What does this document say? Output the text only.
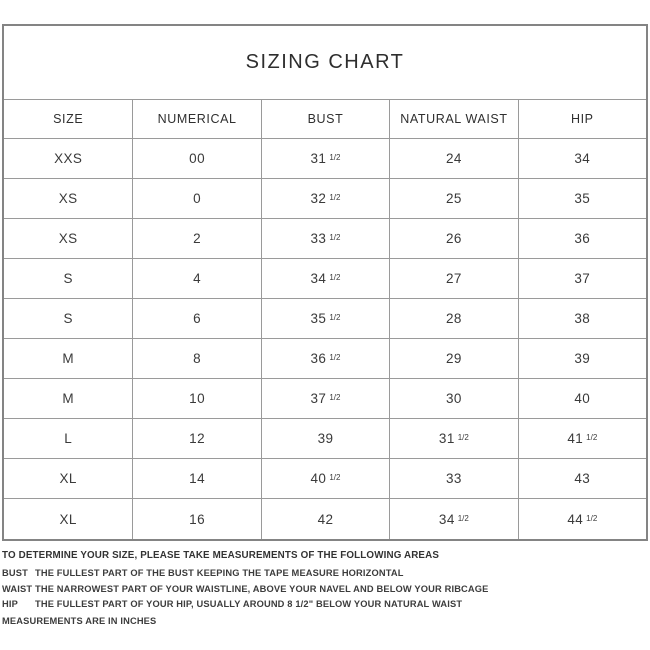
SIZING CHART
SIZE	NUMERICAL	BUST	NATURAL WAIST	HIP
XXS	00	31 $^{1/2}$	24	34
XS	0	32 $^{1/2}$	25	35
XS	2	33 $^{1/2}$	26	36
S	4	34 $^{1/2}$	27	37
S	6	35 $^{1/2}$	28	38
M	8	36 $^{1/2}$	29	39
M	10	37 $^{1/2}$	30	40
L	12	39	31 $^{1/2}$	41 $^{1/2}$
XL	14	40 $^{1/2}$	33	43
XL	16	42	34 $^{1/2}$	44 $^{1/2}$
TO DETERMINE YOUR SIZE, PLEASE TAKE MEASUREMENTS OF THE FOLLOWING AREAS
BUST THE FULLEST PART OF THE BUST KEEPING THE TAPE MEASURE HORIZONTAL
WAIST THE NARROWEST PART OF YOUR WAISTLINE, ABOVE YOUR NAVEL AND BELOW YOUR RIBCAGE
HIP	THE FULLEST PART OF YOUR HIP, USUALLY AROUND 8 1/2" BELOW YOUR NATURAL WAIST
MEASUREMENTS ARE IN INCHES
